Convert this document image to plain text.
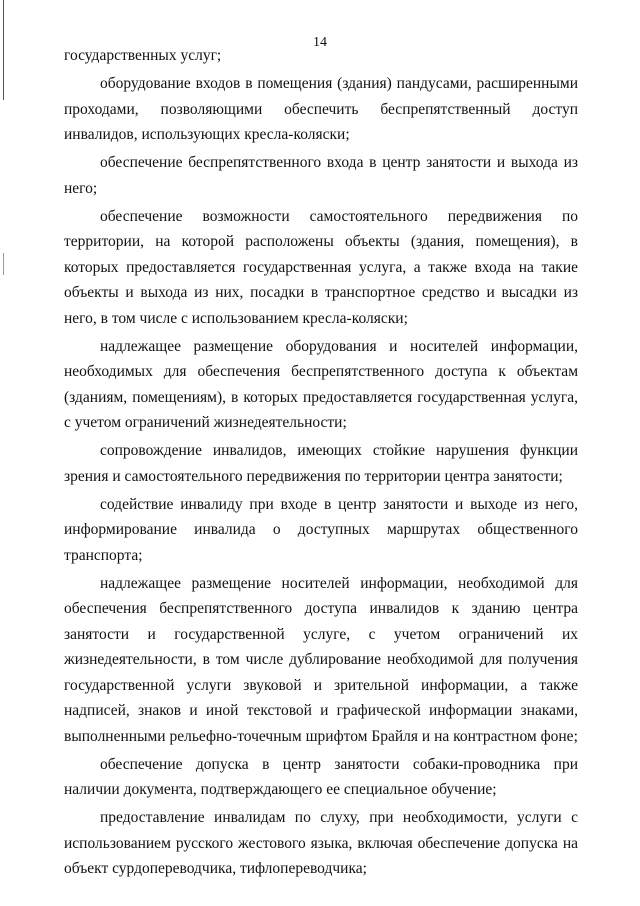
14

государственных услуг;

оборудование входов в помещения (здания) пандусами, расширенными проходами, позволяющими обеспечить беспрепятственный доступ инвалидов, использующих кресла-коляски;

обеспечение беспрепятственного входа в центр занятости и выхода из него;

обеспечение возможности самостоятельного передвижения по территории, на которой расположены объекты (здания, помещения), в которых предоставляется государственная услуга, а также входа на такие объекты и выхода из них, посадки в транспортное средство и высадки из него, в том числе с использованием кресла-коляски;

надлежащее размещение оборудования и носителей информации, необходимых для обеспечения беспрепятственного доступа к объектам (зданиям, помещениям), в которых предоставляется государственная услуга, с учетом ограничений жизнедеятельности;

сопровождение инвалидов, имеющих стойкие нарушения функции зрения и самостоятельного передвижения по территории центра занятости;

содействие инвалиду при входе в центр занятости и выходе из него, информирование инвалида о доступных маршрутах общественного транспорта;

надлежащее размещение носителей информации, необходимой для обеспечения беспрепятственного доступа инвалидов к зданию центра занятости и государственной услуге, с учетом ограничений их жизнедеятельности, в том числе дублирование необходимой для получения государственной услуги звуковой и зрительной информации, а также надписей, знаков и иной текстовой и графической информации знаками, выполненными рельефно-точечным шрифтом Брайля и на контрастном фоне;

обеспечение допуска в центр занятости собаки-проводника при наличии документа, подтверждающего ее специальное обучение;

предоставление инвалидам по слуху, при необходимости, услуги с использованием русского жестового языка, включая обеспечение допуска на объект сурдопереводчика, тифлопереводчика;
